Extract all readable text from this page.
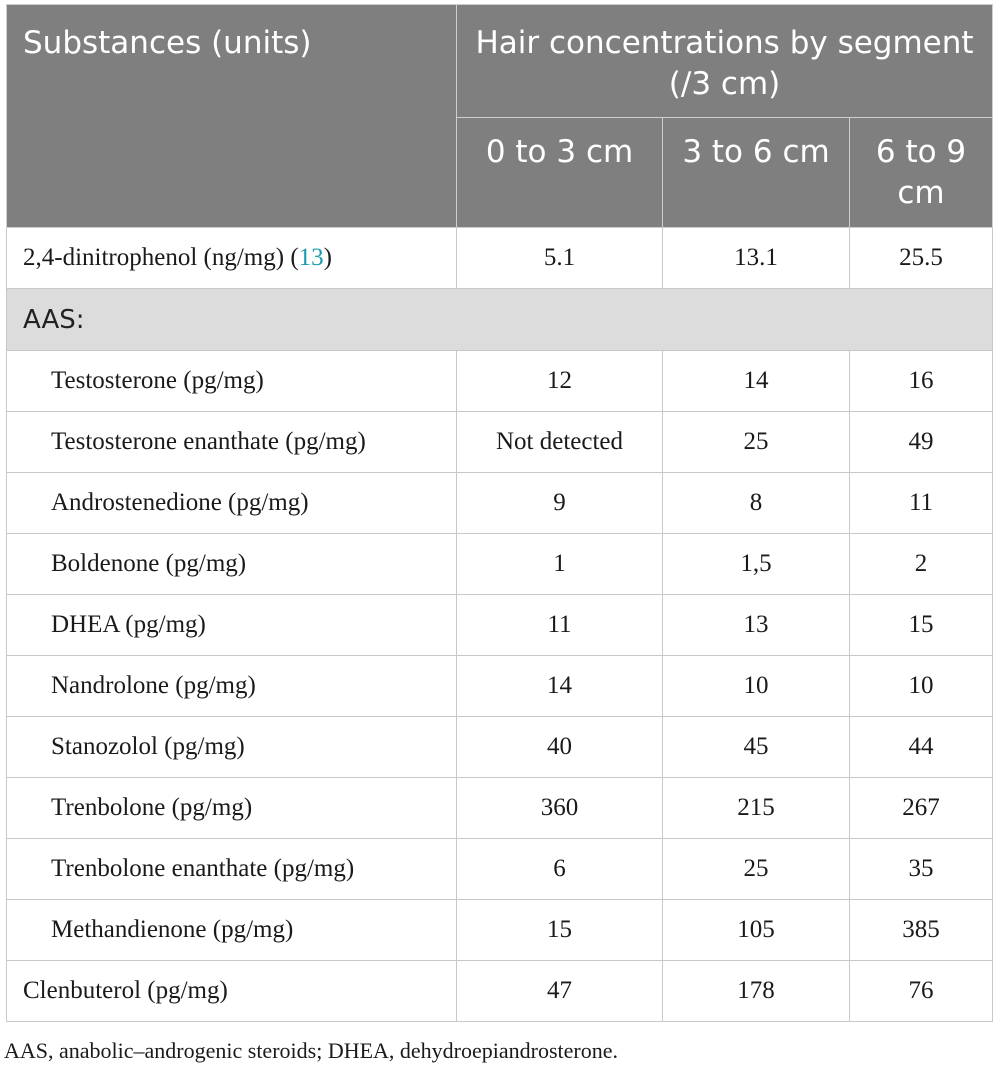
Substances (units)	Hair concentrations by segment (/3 cm)		
	0 to 3 cm	3 to 6 cm	6 to 9 cm
2,4-dinitrophenol (ng/mg) (13)	5.1	13.1	25.5
AAS:			
Testosterone (pg/mg)	12	14	16
Testosterone enanthate (pg/mg)	Not detected	25	49
Androstenedione (pg/mg)	9	8	11
Boldenone (pg/mg)	1	1,5	2
DHEA (pg/mg)	11	13	15
Nandrolone (pg/mg)	14	10	10
Stanozolol (pg/mg)	40	45	44
Trenbolone (pg/mg)	360	215	267
Trenbolone enanthate (pg/mg)	6	25	35
Methandienone (pg/mg)	15	105	385
Clenbuterol (pg/mg)	47	178	76
AAS, anabolic–androgenic steroids; DHEA, dehydroepiandrosterone.
